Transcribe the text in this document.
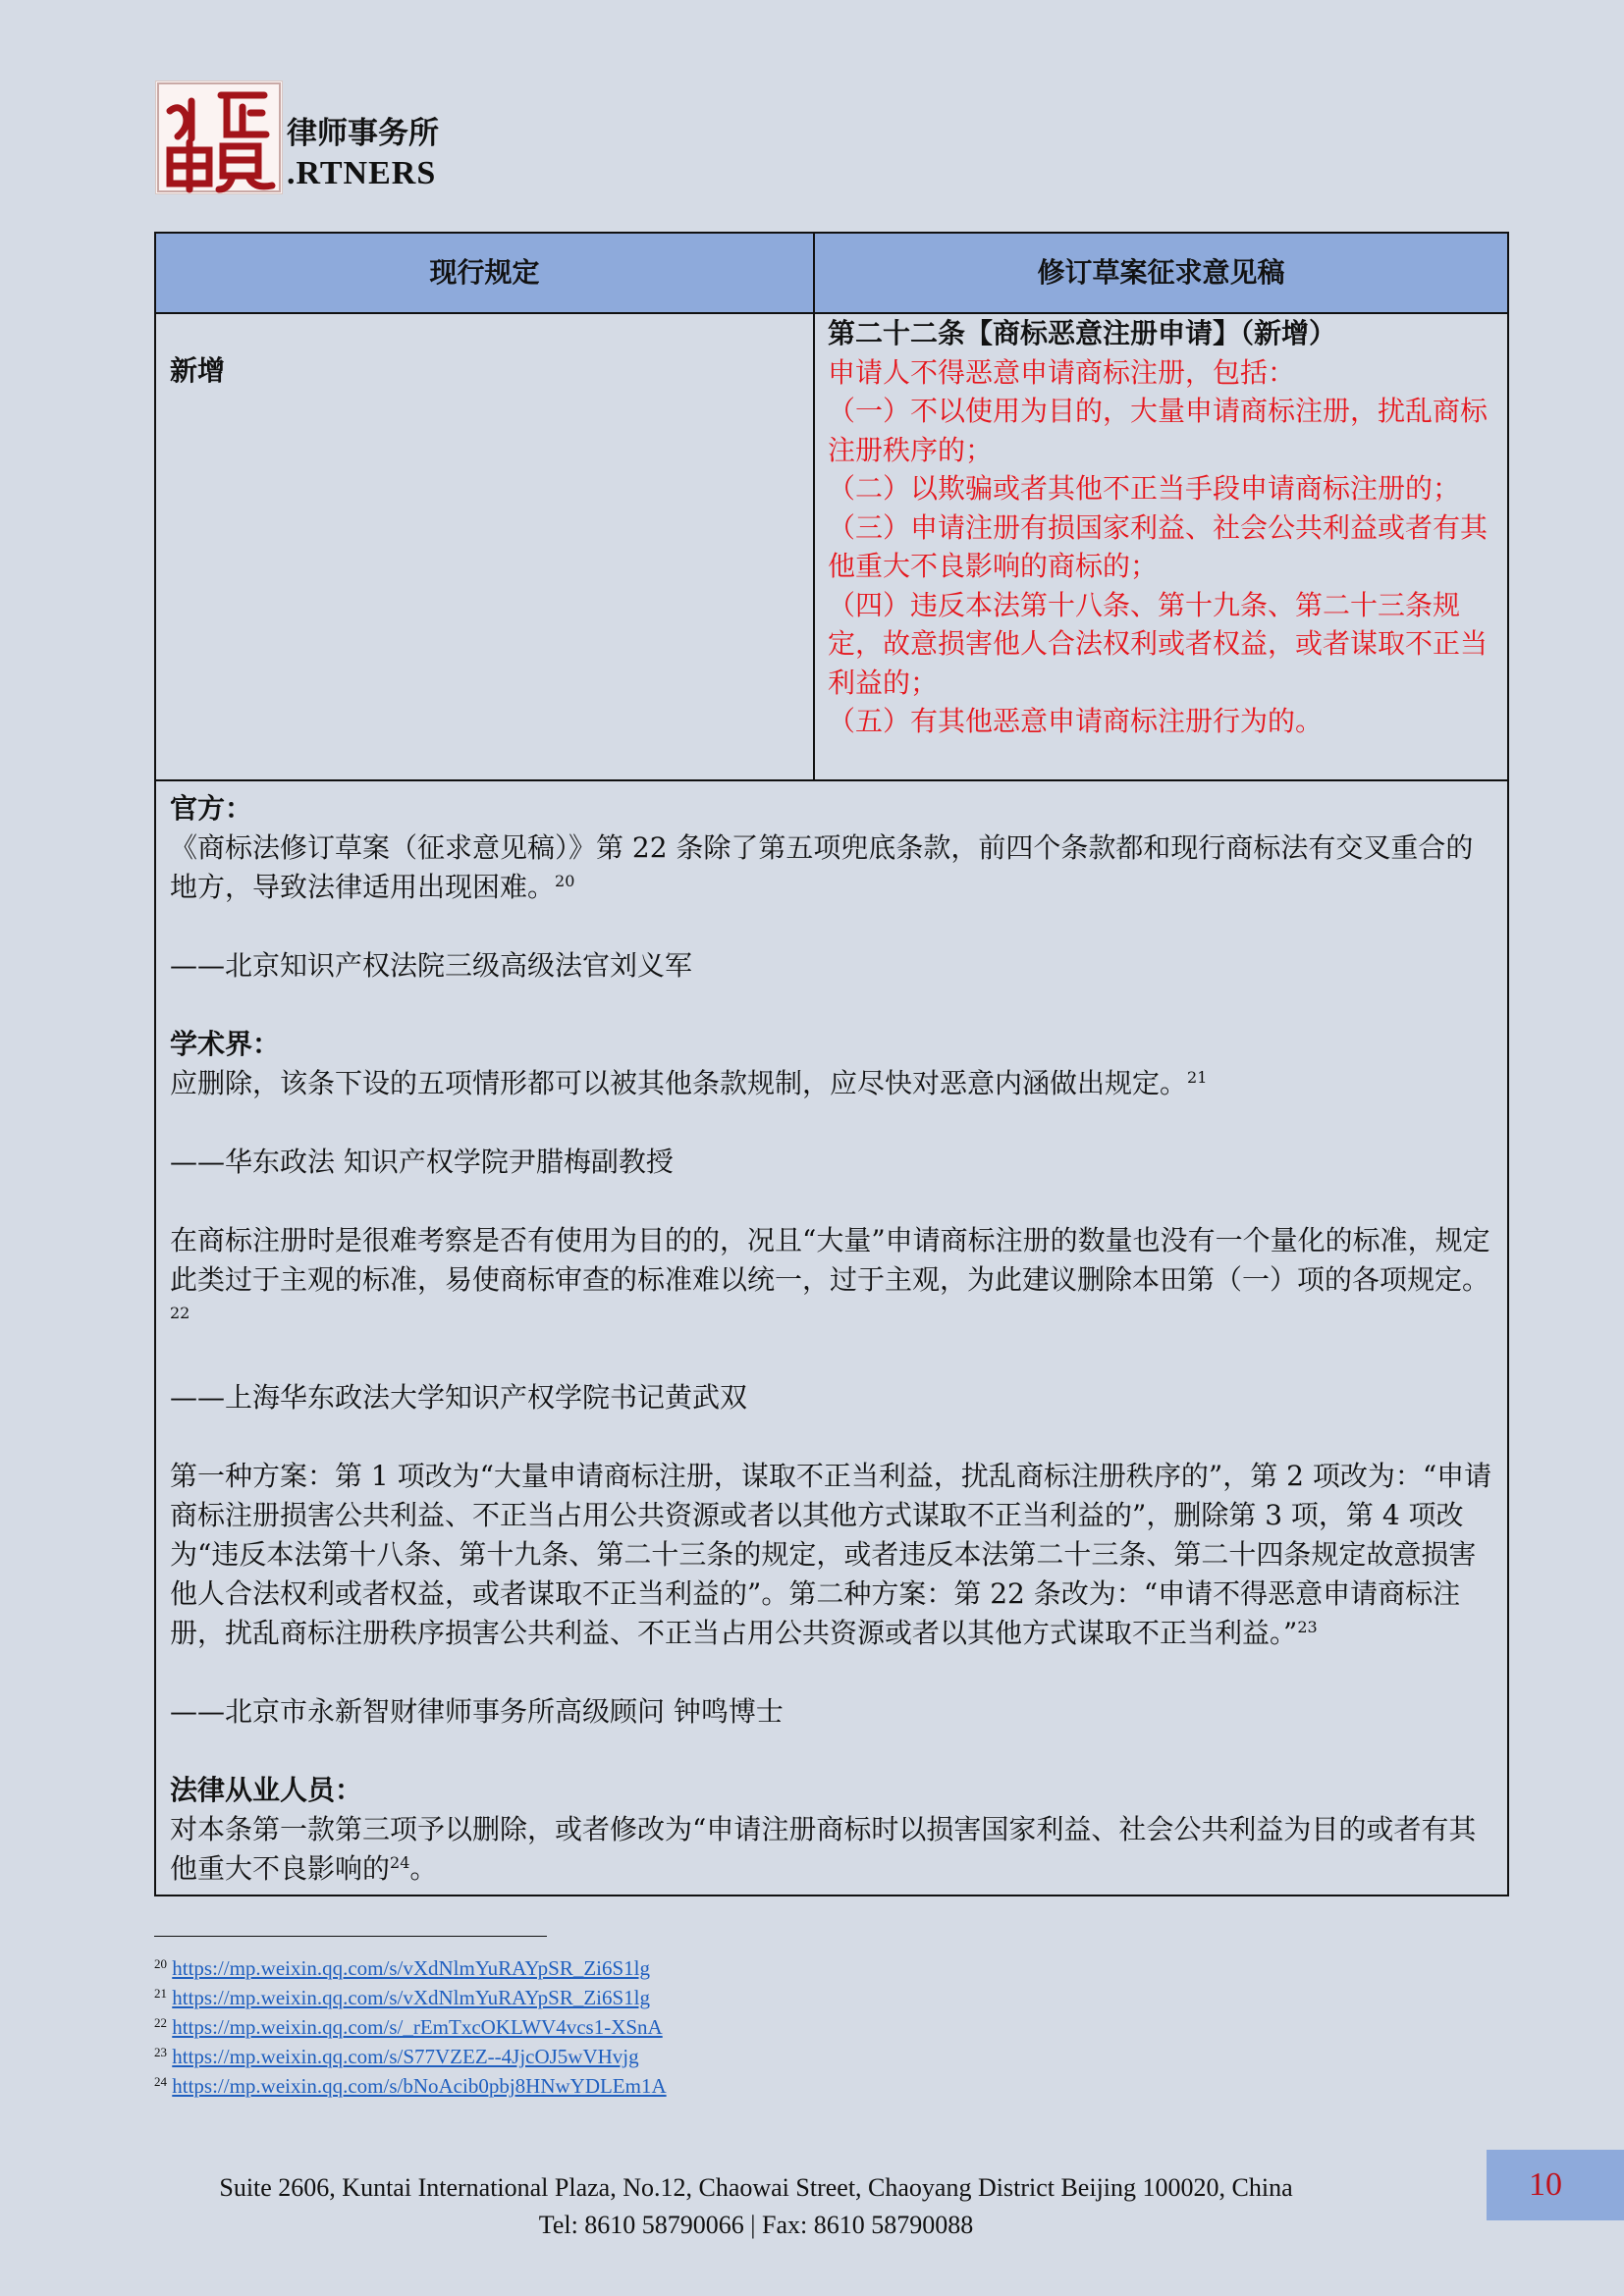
律师事务所
.RTNERS
现行规定	修订草案征求意见稿
新增
第二十二条【商标恶意注册申请】（新增）
申请人不得恶意申请商标注册，包括：
（一）不以使用为目的，大量申请商标注册，扰乱商标注册秩序的；
（二）以欺骗或者其他不正当手段申请商标注册的；
（三）申请注册有损国家利益、社会公共利益或者有其他重大不良影响的商标的；
（四）违反本法第十八条、第十九条、第二十三条规定，故意损害他人合法权利或者权益，或者谋取不正当利益的；
（五）有其他恶意申请商标注册行为的。

官方：

《商标法修订草案（征求意见稿）》第 22 条除了第五项兜底条款，前四个条款都和现行商标法有交叉重合的地方，导致法律适用出现困难。$^{20}$

——北京知识产权法院三级高级法官刘义军

学术界：

应删除，该条下设的五项情形都可以被其他条款规制，应尽快对恶意内涵做出规定。$^{21}$

——华东政法 知识产权学院尹腊梅副教授

在商标注册时是很难考察是否有使用为目的的，况且“大量”申请商标注册的数量也没有一个量化的标准，规定此类过于主观的标准，易使商标审查的标准难以统一，过于主观，为此建议删除本田第（一）项的各项规定。$^{22}$

——上海华东政法大学知识产权学院书记黄武双

第一种方案：第 1 项改为“大量申请商标注册，谋取不正当利益，扰乱商标注册秩序的”，第 2 项改为：“申请商标注册损害公共利益、不正当占用公共资源或者以其他方式谋取不正当利益的”，删除第 3 项，第 4 项改为“违反本法第十八条、第十九条、第二十三条的规定，或者违反本法第二十三条、第二十四条规定故意损害他人合法权利或者权益，或者谋取不正当利益的”。第二种方案：第 22 条改为：“申请不得恶意申请商标注册，扰乱商标注册秩序损害公共利益、不正当占用公共资源或者以其他方式谋取不正当利益。”$^{23}$

——北京市永新智财律师事务所高级顾问 钟鸣博士

法律从业人员：

对本条第一款第三项予以删除，或者修改为“申请注册商标时以损害国家利益、社会公共利益为目的或者有其他重大不良影响的$^{24}$。

$^{20}$ https://mp.weixin.qq.com/s/vXdNlmYuRAYpSR_Zi6S1lg
$^{21}$ https://mp.weixin.qq.com/s/vXdNlmYuRAYpSR_Zi6S1lg
$^{22}$ https://mp.weixin.qq.com/s/_rEmTxcOKLWV4vcs1-XSnA
$^{23}$ https://mp.weixin.qq.com/s/S77VZEZ--4JjcOJ5wVHvjg
$^{24}$ https://mp.weixin.qq.com/s/bNoAcib0pbj8HNwYDLEm1A
Suite 2606, Kuntai International Plaza, No.12, Chaowai Street, Chaoyang District Beijing 100020, China
Tel: 8610 58790066 | Fax: 8610 58790088
10
